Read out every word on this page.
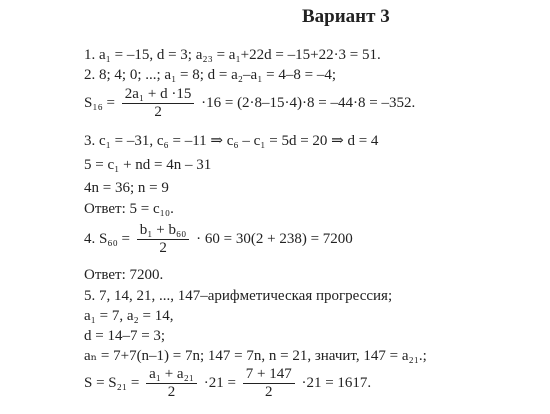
Вариант 3
1. a₁ = –15, d = 3; a₂₃ = a₁+22d = –15+22·3 = 51.
2. 8; 4; 0; ...; a₁ = 8; d = a₂–a₁ = 4–8 = –4;
$S_{16} = \frac{\text{2a₁ + d ·15}}{2} \cdot 16 = (2\cdot 8-15\cdot 4)\cdot 8 = -44\cdot 8 = -352$.
3. c₁ = –31, c₆ = –11 ⇒ c₆ – c₁ = 5d = 20 ⇒ d = 4
5 = c₁ + nd = 4n – 31
4n = 36; n = 9
Ответ: 5 = c₁₀.
4. $S_{60} = \frac{\text{b₁ + b₆₀}}{2} \cdot 60 = 30(2 + 238) = 7200$
Ответ: 7200.
5. 7, 14, 21, ..., 147–арифметическая прогрессия;
a₁ = 7, a₂ = 14,
d = 14–7 = 3;
aₙ = 7+7(n–1) = 7n; 147 = 7n, n = 21, значит, 147 = a₂₁.;
$S = S_{21} = \frac{\text{a₁ + a₂₁}}{2} \cdot 21 = \frac{7 + 147}{2} \cdot 21 = 1617$.
